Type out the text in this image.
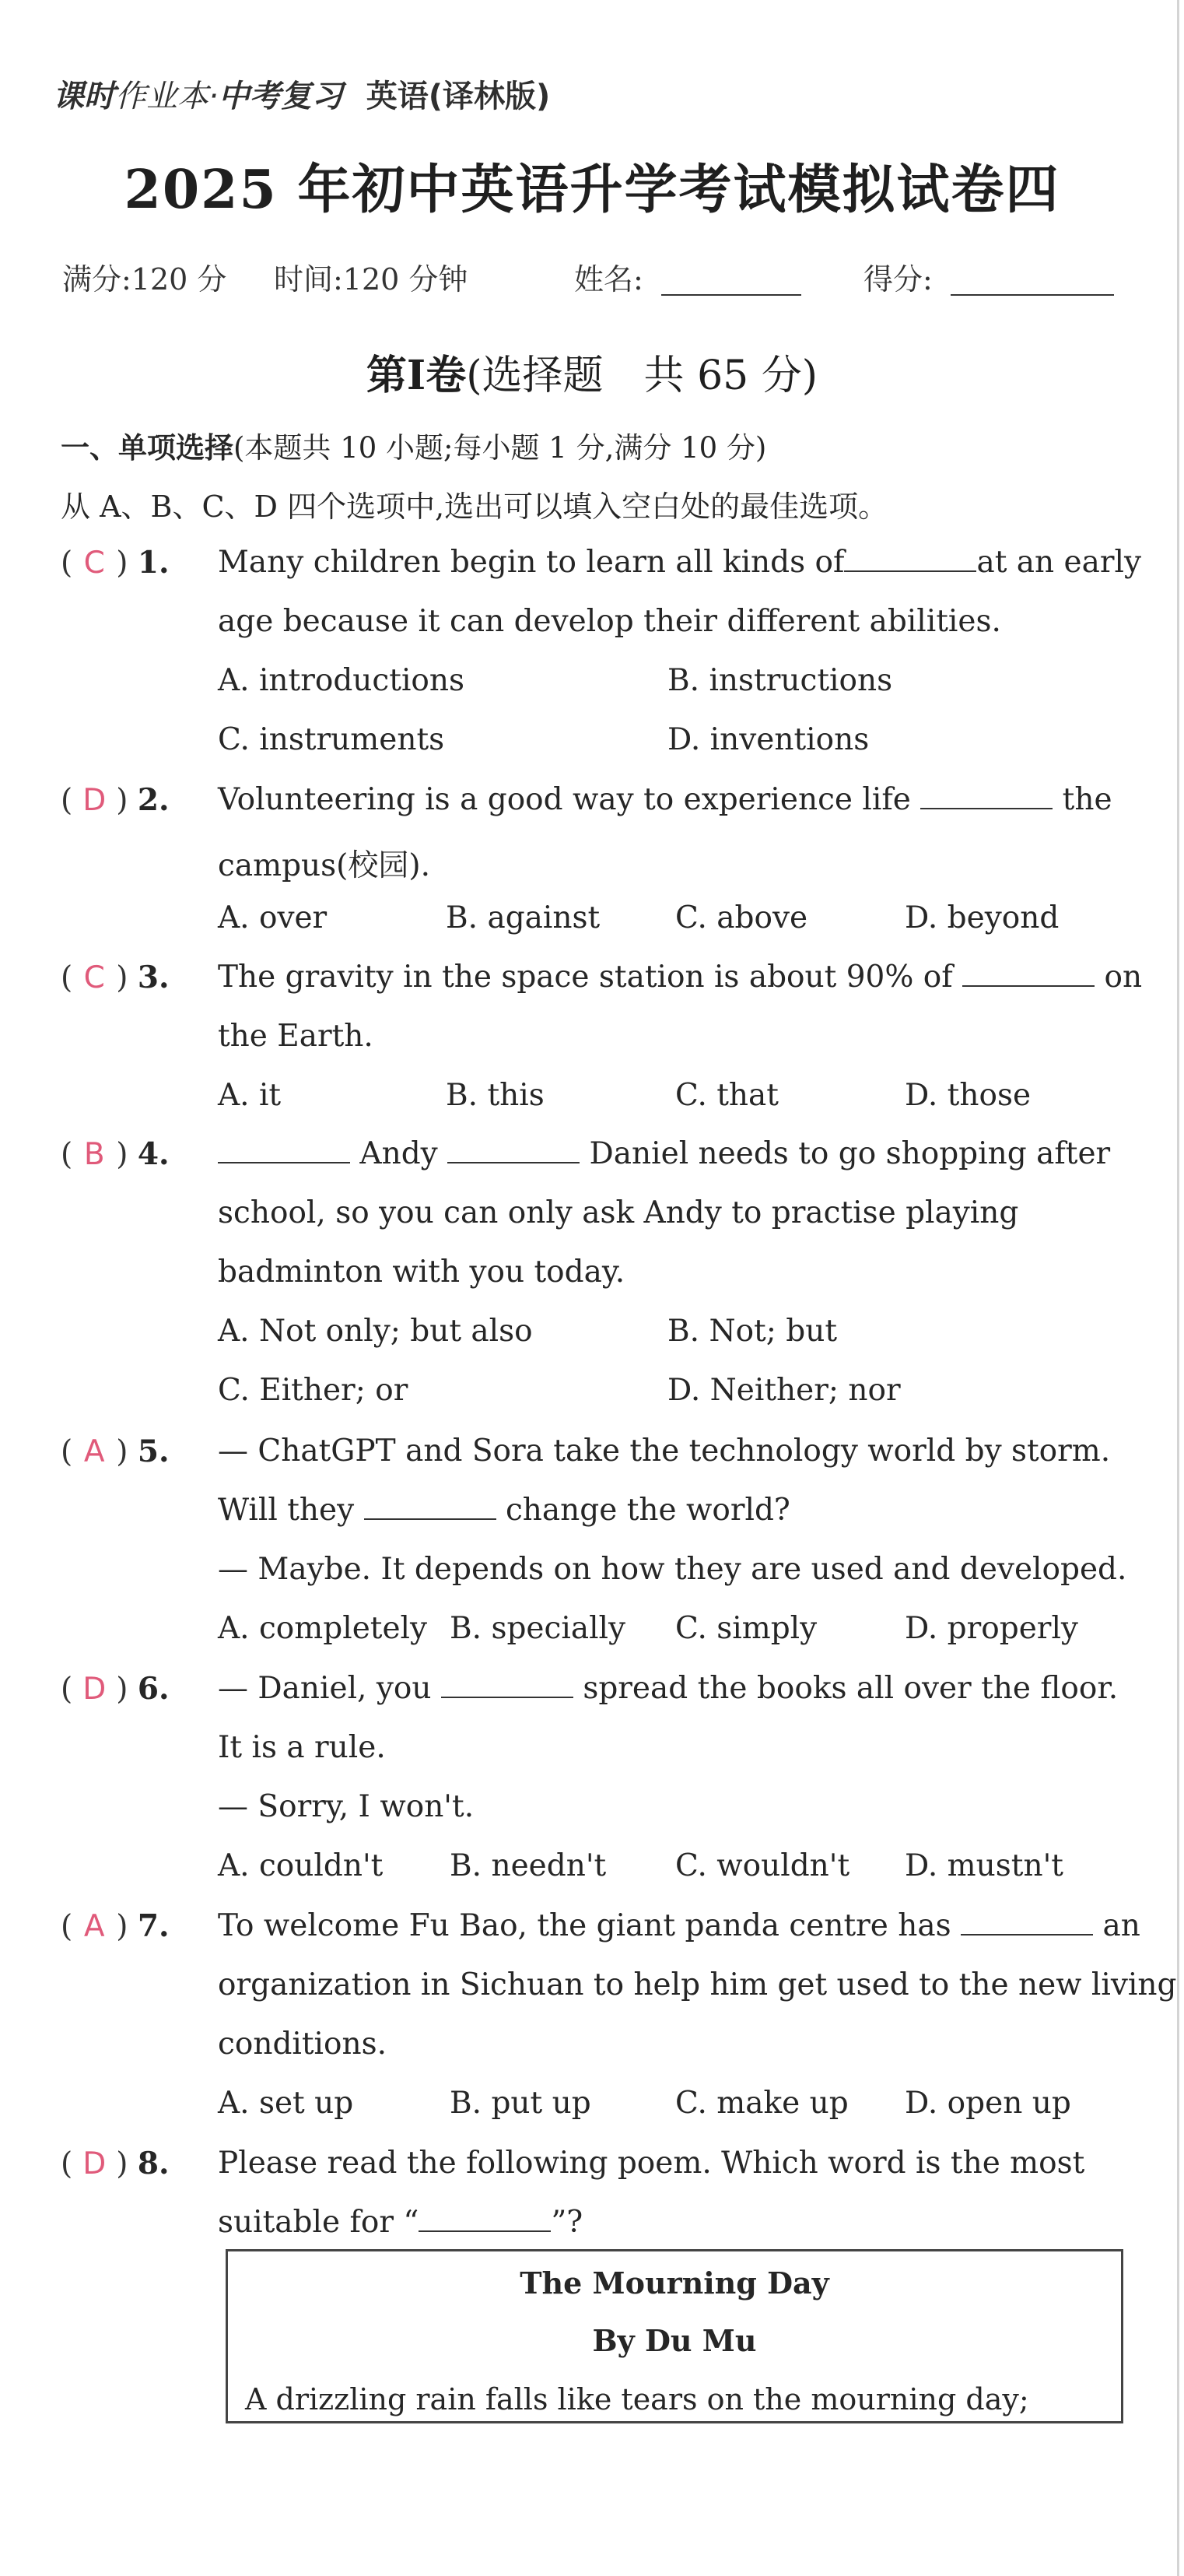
课时作业本·中考复习 英语(译林版)
2025 年初中英语升学考试模拟试卷四
满分:120 分 时间:120 分钟	姓名:	得分:
第Ⅰ卷(选择题　共 65 分)
一、单项选择(本题共 10 小题;每小题 1 分,满分 10 分)
从 A、B、C、D 四个选项中,选出可以填入空白处的最佳选项。
( C ) 1. Many children begin to learn all kinds of	at an early
age because it can develop their different abilities.
A. introductions	B. instructions
C. instruments	D. inventions
( D ) 2. Volunteering is a good way to experience life	the
campus(校园).
A. over	B. against C. above	D. beyond
( C ) 3. The gravity in the space station is about 90% of	on
the Earth.
A. it	B. this	C. that	D. those
( B ) 4.	Andy	Daniel needs to go shopping after
school, so you can only ask Andy to practise playing
badminton with you today.
A. Not only; but also	B. Not; but
C. Either; or	D. Neither; nor
( A ) 5. — ChatGPT and Sora take the technology world by storm.
Will they	change the world?
— Maybe. It depends on how they are used and developed.
A. completely B. specially C. simply	D. properly
( D ) 6. — Daniel, you	spread the books all over the floor.
It is a rule.
— Sorry, I won't.
A. couldn't B. needn't C. wouldn't D. mustn't
( A ) 7. To welcome Fu Bao, the giant panda centre has	an
organization in Sichuan to help him get used to the new living
conditions.
A. set up	B. put up	C. make up D. open up
( D ) 8. Please read the following poem. Which word is the most
suitable for “	”?
The Mourning Day
By Du Mu
A drizzling rain falls like tears on the mourning day;
